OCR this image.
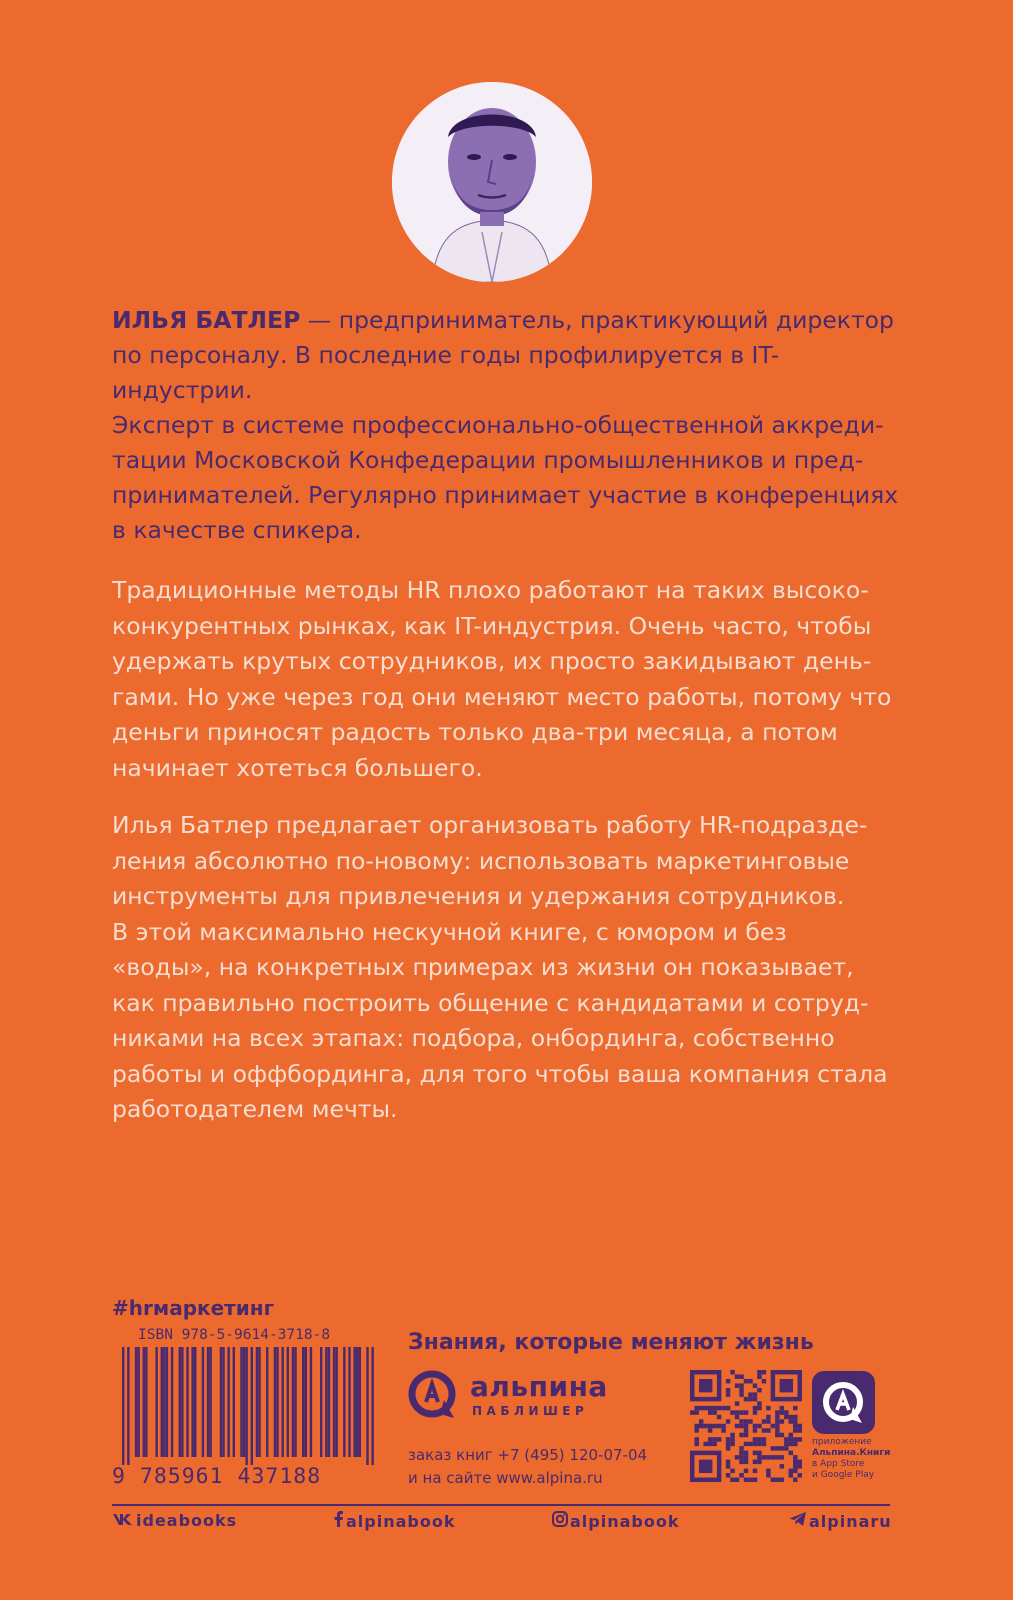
ИЛЬЯ БАТЛЕР — предприниматель, практикующий директор
по персоналу. В последние годы профилируется в IT-индустрии.
Эксперт в системе профессионально-общественной аккреди-
тации Московской Конфедерации промышленников и пред-
принимателей. Регулярно принимает участие в конференциях
в качестве спикера.

Традиционные методы HR плохо работают на таких высоко-

конкурентных рынках, как IT-индустрия. Очень часто, чтобы

удержать крутых сотрудников, их просто закидывают день-

гами. Но уже через год они меняют место работы, потому что

деньги приносят радость только два-три месяца, а потом

начинает хотеться большего.

Илья Батлер предлагает организовать работу HR-подразде-

ления абсолютно по-новому: использовать маркетинговые

инструменты для привлечения и удержания сотрудников.

В этой максимально нескучной книге, с юмором и без

«воды», на конкретных примерах из жизни он показывает,

как правильно построить общение с кандидатами и сотруд-

никами на всех этапах: подбора, онбординга, собственно

работы и оффбординга, для того чтобы ваша компания стала

работодателем мечты.

#hrмаркетинг
ISBN 978-5-9614-3718-8
9 785961 437188
Знания, которые меняют жизнь
альпина
ПАБЛИШЕР
заказ книг +7 (495) 120-07-04
и на сайте www.alpina.ru
приложение
Альпина.Книги
в App Store
и Google Play
ideabooks	alpinabook	alpinabook	alpinaru
